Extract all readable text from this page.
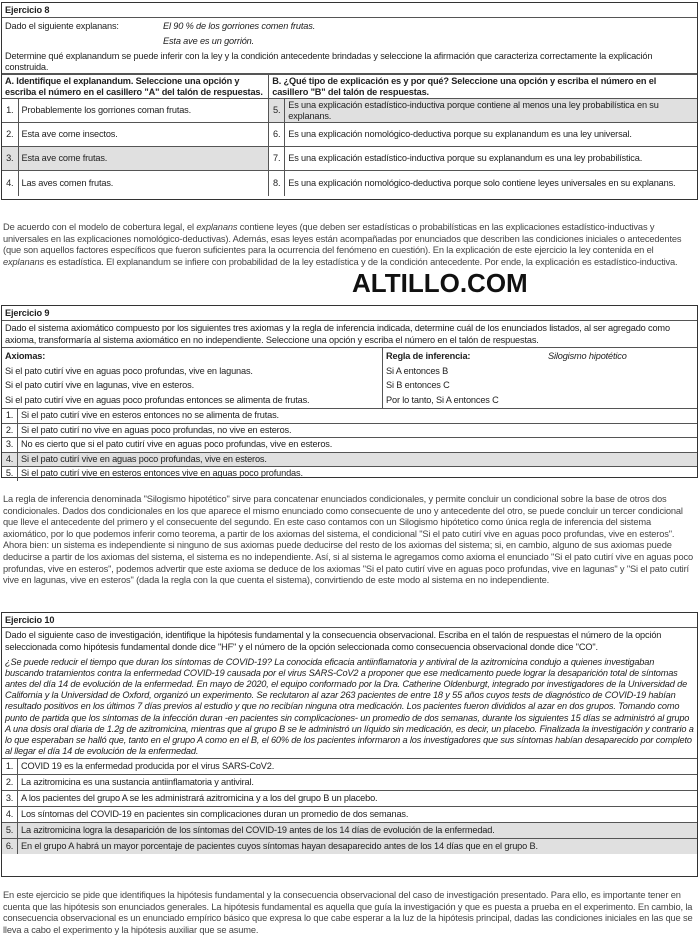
Ejercicio 8
Dado el siguiente explanans:	El 90 % de los gorriones comen frutas.
Esta ave es un gorrión.
Determine qué explanandum se puede inferir con la ley y la condición antecedente brindadas y seleccione la afirmación que caracteriza correctamente la explicación construida.
A. Identifique el explanandum. Seleccione una opción y escriba el número en el casillero "A" del talón de respuestas.		B. ¿Qué tipo de explicación es y por qué? Seleccione una opción y escriba el número en el casillero "B" del talón de respuestas.	
1.	Probablemente los gorriones coman frutas.	5.	Es una explicación estadístico-inductiva porque contiene al menos una ley probabilística en su explanans.
2.	Esta ave come insectos.	6.	Es una explicación nomológico-deductiva porque su explanandum es una ley universal.
3.	Esta ave come frutas.	7.	Es una explicación estadístico-inductiva porque su explanandum es una ley probabilística.
4.	Las aves comen frutas.	8.	Es una explicación nomológico-deductiva porque solo contiene leyes universales en su explanans.
De acuerdo con el modelo de cobertura legal, el explanans contiene leyes (que deben ser estadísticas o probabilísticas en las explicaciones estadístico-inductivas y universales en las explicaciones nomológico-deductivas). Además, esas leyes están acompañadas por enunciados que describen las condiciones iniciales o antecedentes (que son aquellos factores específicos que fueron suficientes para la ocurrencia del fenómeno en cuestión). En la explicación de este ejercicio la ley contenida en el explanans es estadística. El explanandum se infiere con probabilidad de la ley estadística y de la condición antecedente. Por ende, la explicación es estadístico-inductiva.
ALTILLO.COM
Ejercicio 9
Dado el sistema axiomático compuesto por los siguientes tres axiomas y la regla de inferencia indicada, determine cuál de los enunciados listados, al ser agregado como axioma, transformaría al sistema axiomático en no independiente. Seleccione una opción y escriba el número en el talón de respuestas.
Axiomas:
Si el pato cutirí vive en aguas poco profundas, vive en lagunas.
Si el pato cutirí vive en lagunas, vive en esteros.
Si el pato cutirí vive en aguas poco profundas entonces se alimenta de frutas.
Regla de inferencia:	Silogismo hipotético
Si A entonces B
Si B entonces C
Por lo tanto, Si A entonces C
1. Si el pato cutirí vive en esteros entonces no se alimenta de frutas.
2. Si el pato cutirí no vive en aguas poco profundas, no vive en esteros.
3. No es cierto que si el pato cutirí vive en aguas poco profundas, vive en esteros.
4. Si el pato cutirí vive en aguas poco profundas, vive en esteros.
5. Si el pato cutirí vive en esteros entonces vive en aguas poco profundas.
La regla de inferencia denominada "Silogismo hipotético" sirve para concatenar enunciados condicionales, y permite concluir un condicional sobre la base de otros dos condicionales. Dados dos condicionales en los que aparece el mismo enunciado como consecuente de uno y antecedente del otro, se puede concluir un tercer condicional que lleve el antecedente del primero y el consecuente del segundo. En este caso contamos con un Silogismo hipótetico como única regla de inferencia del sistema axiomático, por lo que podemos inferir como teorema, a partir de los axiomas del sistema, el condicional "Si el pato cutirí vive en aguas poco profundas, vive en esteros". Ahora bien: un sistema es independiente si ninguno de sus axiomas puede deducirse del resto de los axiomas del sistema; si, en cambio, alguno de sus axiomas puede deducirse a partir de los axiomas del sistema, el sistema es no independiente. Así, si al sistema le agregamos como axioma el enunciado "Si el pato cutirí vive en aguas poco profundas, vive en esteros", podemos advertir que este axioma se deduce de los axiomas "Si el pato cutirí vive en aguas poco profundas, vive en lagunas" y "Si el pato cutirí vive en lagunas, vive en esteros" (dada la regla con la que cuenta el sistema), convirtiendo de este modo al sistema en no independiente.
Ejercicio 10
Dado el siguiente caso de investigación, identifique la hipótesis fundamental y la consecuencia observacional. Escriba en el talón de respuestas el número de la opción seleccionada como hipótesis fundamental donde dice "HF" y el número de la opción seleccionada como consecuencia observacional donde dice "CO".
¿Se puede reducir el tiempo que duran los síntomas de COVID-19? La conocida eficacia antiinflamatoria y antiviral de la azitromicina condujo a quienes investigaban buscando tratamientos contra la enfermedad COVID-19 causada por el virus SARS-CoV2 a proponer que ese medicamento puede lograr la desaparición total de síntomas antes del día 14 de evolución de la enfermedad. En mayo de 2020, el equipo conformado por la Dra. Catherine Oldenburgt, integrado por investigadores de la Universidad de California y la Universidad de Oxford, organizó un experimento. Se reclutaron al azar 263 pacientes de entre 18 y 55 años cuyos tests de diagnóstico de COVID-19 habían resultado positivos en los últimos 7 días previos al estudio y que no recibían ninguna otra medicación. Los pacientes fueron divididos al azar en dos grupos. Tomando como punto de partida que los síntomas de la infección duran -en pacientes sin complicaciones- un promedio de dos semanas, durante los siguientes 15 días se administró al grupo A una dosis oral diaria de 1.2g de azitromicina, mientras que al grupo B se le administró un líquido sin medicación, es decir, un placebo. Finalizada la investigación y contrario a lo que esperaban se halló que, tanto en el grupo A como en el B, el 60% de los pacientes informaron a los investigadores que sus síntomas habían desaparecido por completo al llegar el día 14 de evolución de la enfermedad.
1. COVID 19 es la enfermedad producida por el virus SARS-CoV2.
2. La azitromicina es una sustancia antiinflamatoria y antiviral.
3. A los pacientes del grupo A se les administrará azitromicina y a los del grupo B un placebo.
4. Los síntomas del COVID-19 en pacientes sin complicaciones duran un promedio de dos semanas.
5. La azitromicina logra la desaparición de los síntomas del COVID-19 antes de los 14 días de evolución de la enfermedad.
6. En el grupo A habrá un mayor porcentaje de pacientes cuyos síntomas hayan desaparecido antes de los 14 días que en el grupo B.
En este ejercicio se pide que identifiques la hipótesis fundamental y la consecuencia observacional del caso de investigación presentado. Para ello, es importante tener en cuenta que las hipótesis son enunciados generales. La hipótesis fundamental es aquella que guía la investigación y que es puesta a prueba en el experimento. En cambio, la consecuencia observacional es un enunciado empírico básico que expresa lo que cabe esperar a la luz de la hipótesis principal, dadas las condiciones iniciales en las que se lleva a cabo el experimento y la hipótesis auxiliar que se asume.
